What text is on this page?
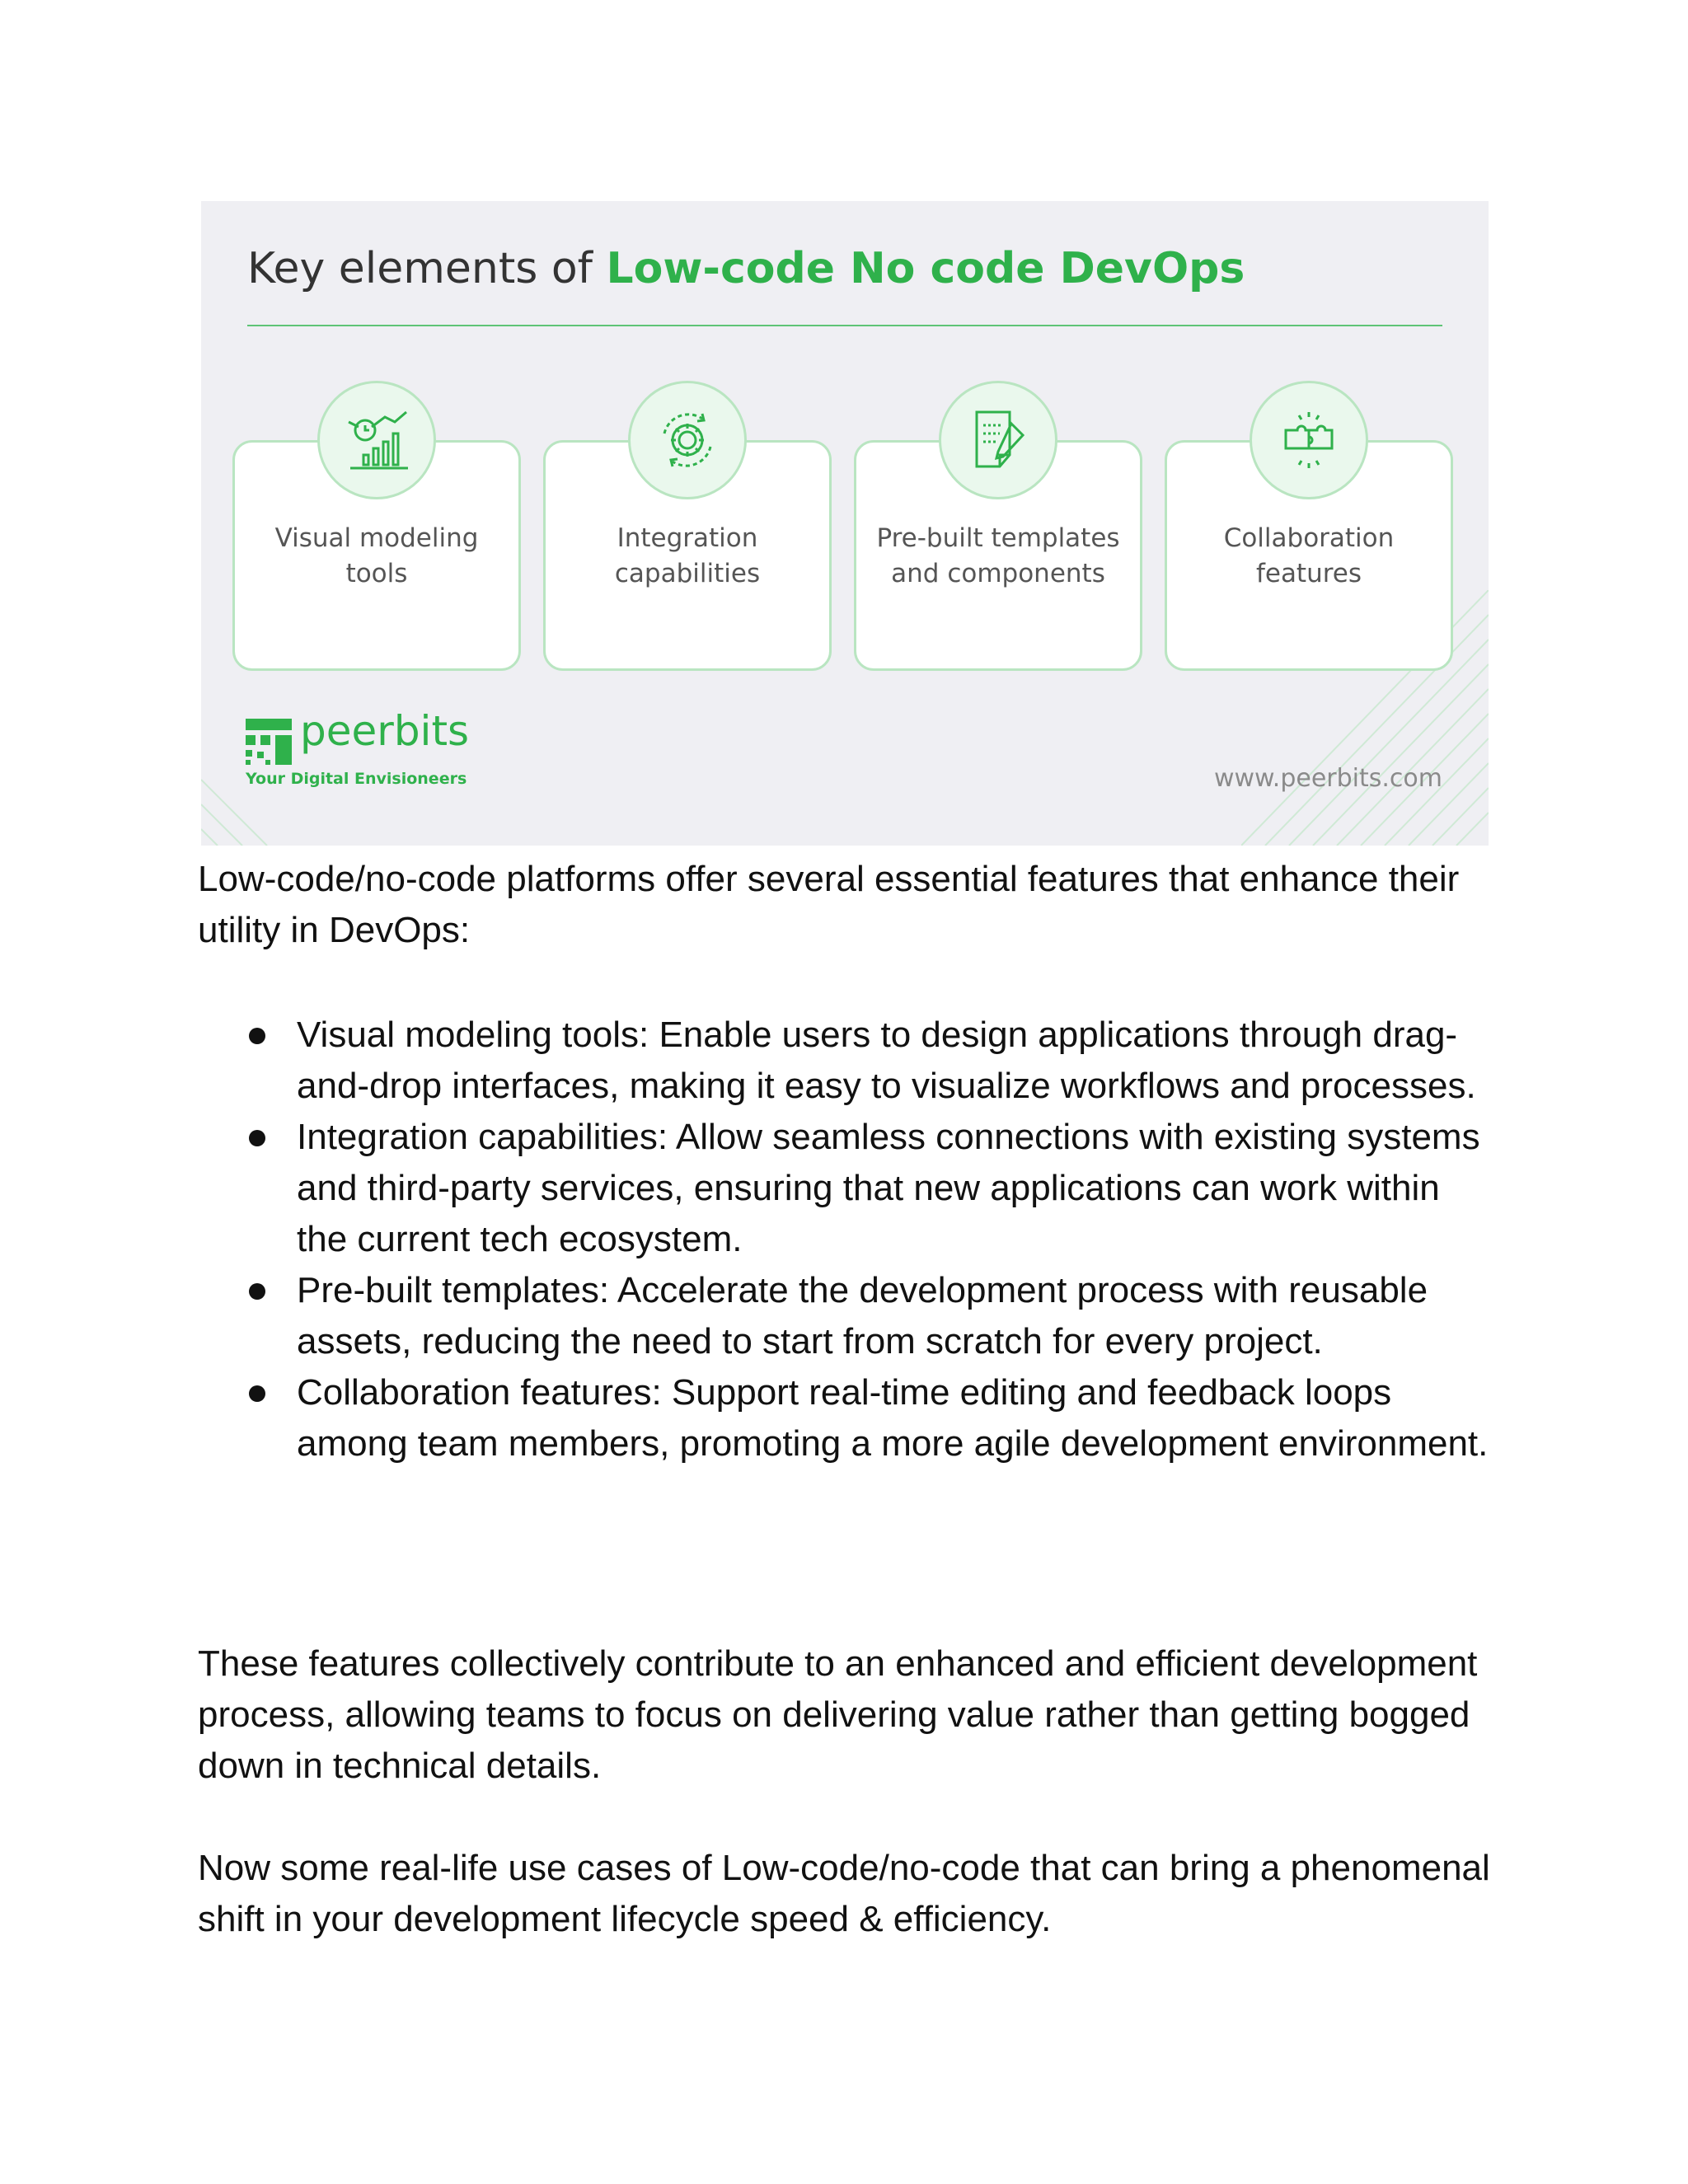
Key elements of Low-code No code DevOps
Visual modeling tools
Integration capabilities
Pre-built templates and components
Collaboration features
peerbits
Your Digital Envisioneers	www.peerbits.com

Low-code/no-code platforms offer several essential features that enhance their utility in DevOps:

Visual modeling tools: Enable users to design applications through drag-and-drop interfaces, making it easy to visualize workflows and processes.
Integration capabilities: Allow seamless connections with existing systems and third-party services, ensuring that new applications can work within the current tech ecosystem.
Pre-built templates: Accelerate the development process with reusable assets, reducing the need to start from scratch for every project.
Collaboration features: Support real-time editing and feedback loops among team members, promoting a more agile development environment.

These features collectively contribute to an enhanced and efficient development process, allowing teams to focus on delivering value rather than getting bogged down in technical details.

Now some real-life use cases of Low-code/no-code that can bring a phenomenal shift in your development lifecycle speed & efficiency.
